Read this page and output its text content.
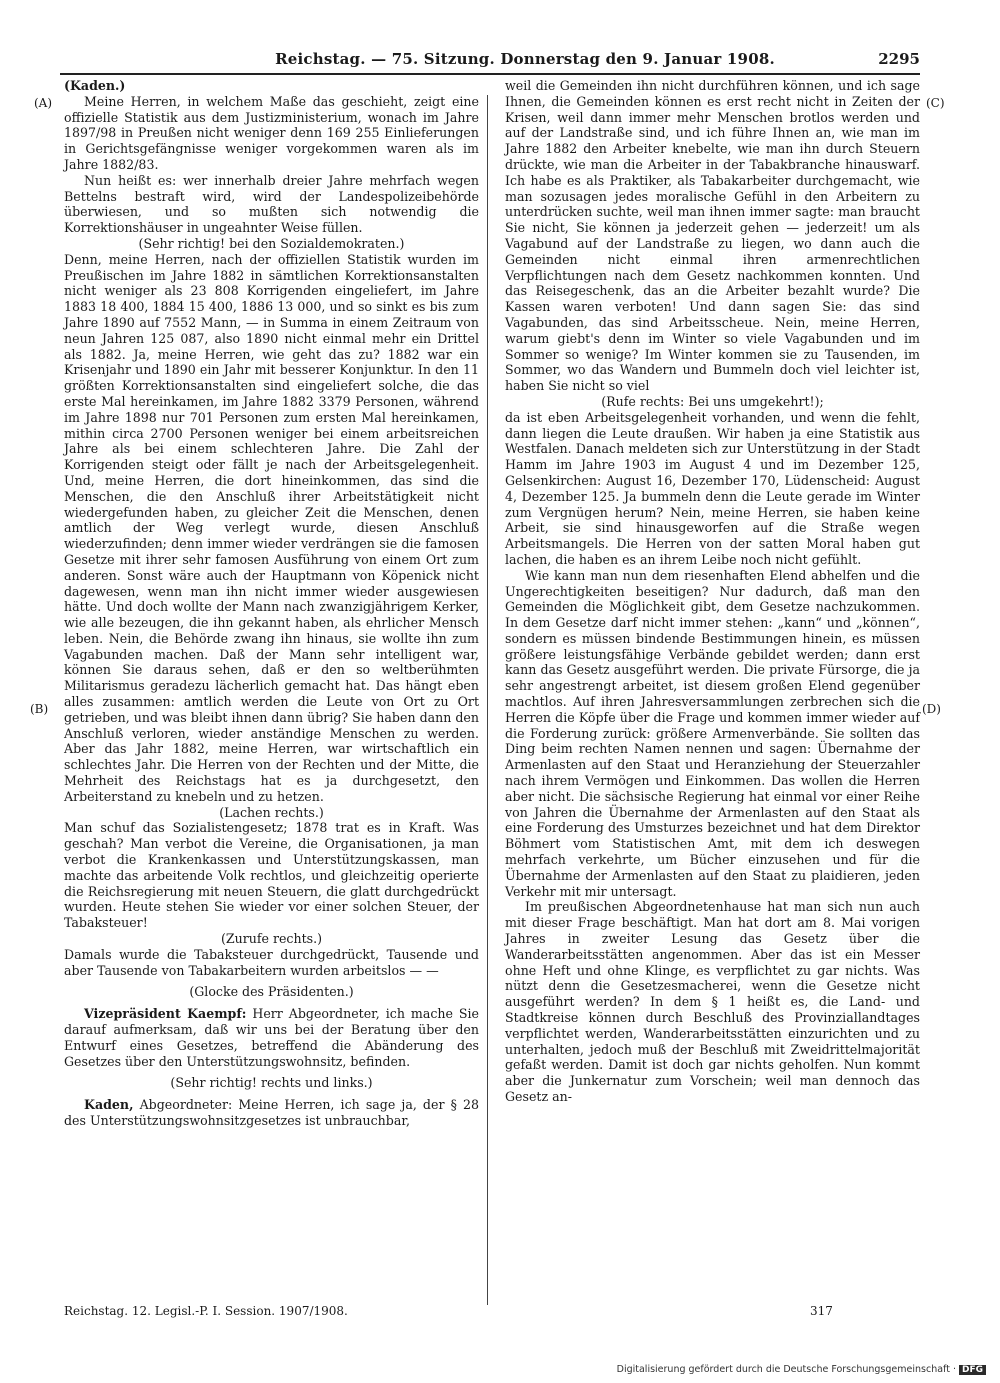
Reichstag. — 75. Sitzung. Donnerstag den 9. Januar 1908.	2295
(A)
(B)
(C)
(D)

(Kaden.)

Meine Herren, in welchem Maße das geschieht, zeigt eine offizielle Statistik aus dem Justizministerium, wonach im Jahre 1897/98 in Preußen nicht weniger denn 169 255 Einlieferungen in Gerichtsgefängnisse weniger vorgekommen waren als im Jahre 1882/83.

Nun heißt es: wer innerhalb dreier Jahre mehrfach wegen Bettelns bestraft wird, wird der Landespolizeibehörde überwiesen, und so mußten sich notwendig die Korrektionshäuser in ungeahnter Weise füllen.

(Sehr richtig! bei den Sozialdemokraten.)

Denn, meine Herren, nach der offiziellen Statistik wurden im Preußischen im Jahre 1882 in sämtlichen Korrektionsanstalten nicht weniger als 23 808 Korrigenden eingeliefert, im Jahre 1883 18 400, 1884 15 400, 1886 13 000, und so sinkt es bis zum Jahre 1890 auf 7552 Mann, — in Summa in einem Zeitraum von neun Jahren 125 087, also 1890 nicht einmal mehr ein Drittel als 1882. Ja, meine Herren, wie geht das zu? 1882 war ein Krisenjahr und 1890 ein Jahr mit besserer Konjunktur. In den 11 größten Korrektionsanstalten sind eingeliefert solche, die das erste Mal hereinkamen, im Jahre 1882 3379 Personen, während im Jahre 1898 nur 701 Personen zum ersten Mal hereinkamen, mithin circa 2700 Personen weniger bei einem arbeitsreichen Jahre als bei einem schlechteren Jahre. Die Zahl der Korrigenden steigt oder fällt je nach der Arbeitsgelegenheit. Und, meine Herren, die dort hineinkommen, das sind die Menschen, die den Anschluß ihrer Arbeitstätigkeit nicht wiedergefunden haben, zu gleicher Zeit die Menschen, denen amtlich der Weg verlegt wurde, diesen Anschluß wiederzufinden; denn immer wieder verdrängen sie die famosen Gesetze mit ihrer sehr famosen Ausführung von einem Ort zum anderen. Sonst wäre auch der Hauptmann von Köpenick nicht dagewesen, wenn man ihn nicht immer wieder ausgewiesen hätte. Und doch wollte der Mann nach zwanzigjährigem Kerker, wie alle bezeugen, die ihn gekannt haben, als ehrlicher Mensch leben. Nein, die Behörde zwang ihn hinaus, sie wollte ihn zum Vagabunden machen. Daß der Mann sehr intelligent war, können Sie daraus sehen, daß er den so weltberühmten Militarismus geradezu lächerlich gemacht hat. Das hängt eben alles zusammen: amtlich werden die Leute von Ort zu Ort getrieben, und was bleibt ihnen dann übrig? Sie haben dann den Anschluß verloren, wieder anständige Menschen zu werden. Aber das Jahr 1882, meine Herren, war wirtschaftlich ein schlechtes Jahr. Die Herren von der Rechten und der Mitte, die Mehrheit des Reichstags hat es ja durchgesetzt, den Arbeiterstand zu knebeln und zu hetzen.

(Lachen rechts.)

Man schuf das Sozialistengesetz; 1878 trat es in Kraft. Was geschah? Man verbot die Vereine, die Organisationen, ja man verbot die Krankenkassen und Unterstützungskassen, man machte das arbeitende Volk rechtlos, und gleichzeitig operierte die Reichsregierung mit neuen Steuern, die glatt durchgedrückt wurden. Heute stehen Sie wieder vor einer solchen Steuer, der Tabaksteuer!

(Zurufe rechts.)

Damals wurde die Tabaksteuer durchgedrückt, Tausende und aber Tausende von Tabakarbeitern wurden arbeitslos — —

(Glocke des Präsidenten.)

Vizepräsident Kaempf: Herr Abgeordneter, ich mache Sie darauf aufmerksam, daß wir uns bei der Beratung über den Entwurf eines Gesetzes, betreffend die Abänderung des Gesetzes über den Unterstützungswohnsitz, befinden.

(Sehr richtig! rechts und links.)

Kaden, Abgeordneter: Meine Herren, ich sage ja, der § 28 des Unterstützungswohnsitzgesetzes ist unbrauchbar,

weil die Gemeinden ihn nicht durchführen können, und ich sage Ihnen, die Gemeinden können es erst recht nicht in Zeiten der Krisen, weil dann immer mehr Menschen brotlos werden und auf der Landstraße sind, und ich führe Ihnen an, wie man im Jahre 1882 den Arbeiter knebelte, wie man ihn durch Steuern drückte, wie man die Arbeiter in der Tabakbranche hinauswarf. Ich habe es als Praktiker, als Tabakarbeiter durchgemacht, wie man sozusagen jedes moralische Gefühl in den Arbeitern zu unterdrücken suchte, weil man ihnen immer sagte: man braucht Sie nicht, Sie können ja jederzeit gehen — jederzeit! um als Vagabund auf der Landstraße zu liegen, wo dann auch die Gemeinden nicht einmal ihren armenrechtlichen Verpflichtungen nach dem Gesetz nachkommen konnten. Und das Reisegeschenk, das an die Arbeiter bezahlt wurde? Die Kassen waren verboten! Und dann sagen Sie: das sind Vagabunden, das sind Arbeitsscheue. Nein, meine Herren, warum giebt's denn im Winter so viele Vagabunden und im Sommer so wenige? Im Winter kommen sie zu Tausenden, im Sommer, wo das Wandern und Bummeln doch viel leichter ist, haben Sie nicht so viel

(Rufe rechts: Bei uns umgekehrt!);

da ist eben Arbeitsgelegenheit vorhanden, und wenn die fehlt, dann liegen die Leute draußen. Wir haben ja eine Statistik aus Westfalen. Danach meldeten sich zur Unterstützung in der Stadt Hamm im Jahre 1903 im August 4 und im Dezember 125, Gelsenkirchen: August 16, Dezember 170, Lüdenscheid: August 4, Dezember 125. Ja bummeln denn die Leute gerade im Winter zum Vergnügen herum? Nein, meine Herren, sie haben keine Arbeit, sie sind hinausgeworfen auf die Straße wegen Arbeitsmangels. Die Herren von der satten Moral haben gut lachen, die haben es an ihrem Leibe noch nicht gefühlt.

Wie kann man nun dem riesenhaften Elend abhelfen und die Ungerechtigkeiten beseitigen? Nur dadurch, daß man den Gemeinden die Möglichkeit gibt, dem Gesetze nachzukommen. In dem Gesetze darf nicht immer stehen: „kann“ und „können“, sondern es müssen bindende Bestimmungen hinein, es müssen größere leistungsfähige Verbände gebildet werden; dann erst kann das Gesetz ausgeführt werden. Die private Fürsorge, die ja sehr angestrengt arbeitet, ist diesem großen Elend gegenüber machtlos. Auf ihren Jahresversammlungen zerbrechen sich die Herren die Köpfe über die Frage und kommen immer wieder auf die Forderung zurück: größere Armenverbände. Sie sollten das Ding beim rechten Namen nennen und sagen: Übernahme der Armenlasten auf den Staat und Heranziehung der Steuerzahler nach ihrem Vermögen und Einkommen. Das wollen die Herren aber nicht. Die sächsische Regierung hat einmal vor einer Reihe von Jahren die Übernahme der Armenlasten auf den Staat als eine Forderung des Umsturzes bezeichnet und hat dem Direktor Böhmert vom Statistischen Amt, mit dem ich deswegen mehrfach verkehrte, um Bücher einzusehen und für die Übernahme der Armenlasten auf den Staat zu plaidieren, jeden Verkehr mit mir untersagt.

Im preußischen Abgeordnetenhause hat man sich nun auch mit dieser Frage beschäftigt. Man hat dort am 8. Mai vorigen Jahres in zweiter Lesung das Gesetz über die Wanderarbeitsstätten angenommen. Aber das ist ein Messer ohne Heft und ohne Klinge, es verpflichtet zu gar nichts. Was nützt denn die Gesetzesmacherei, wenn die Gesetze nicht ausgeführt werden? In dem § 1 heißt es, die Land- und Stadtkreise können durch Beschluß des Provinziallandtages verpflichtet werden, Wanderarbeitsstätten einzurichten und zu unterhalten, jedoch muß der Beschluß mit Zweidrittelmajorität gefaßt werden. Damit ist doch gar nichts geholfen. Nun kommt aber die Junkernatur zum Vorschein; weil man dennoch das Gesetz an-

Reichstag. 12. Legisl.-P. I. Session. 1907/1908.	317
Digitalisierung gefördert durch die Deutsche Forschungsgemeinschaft · DFG
